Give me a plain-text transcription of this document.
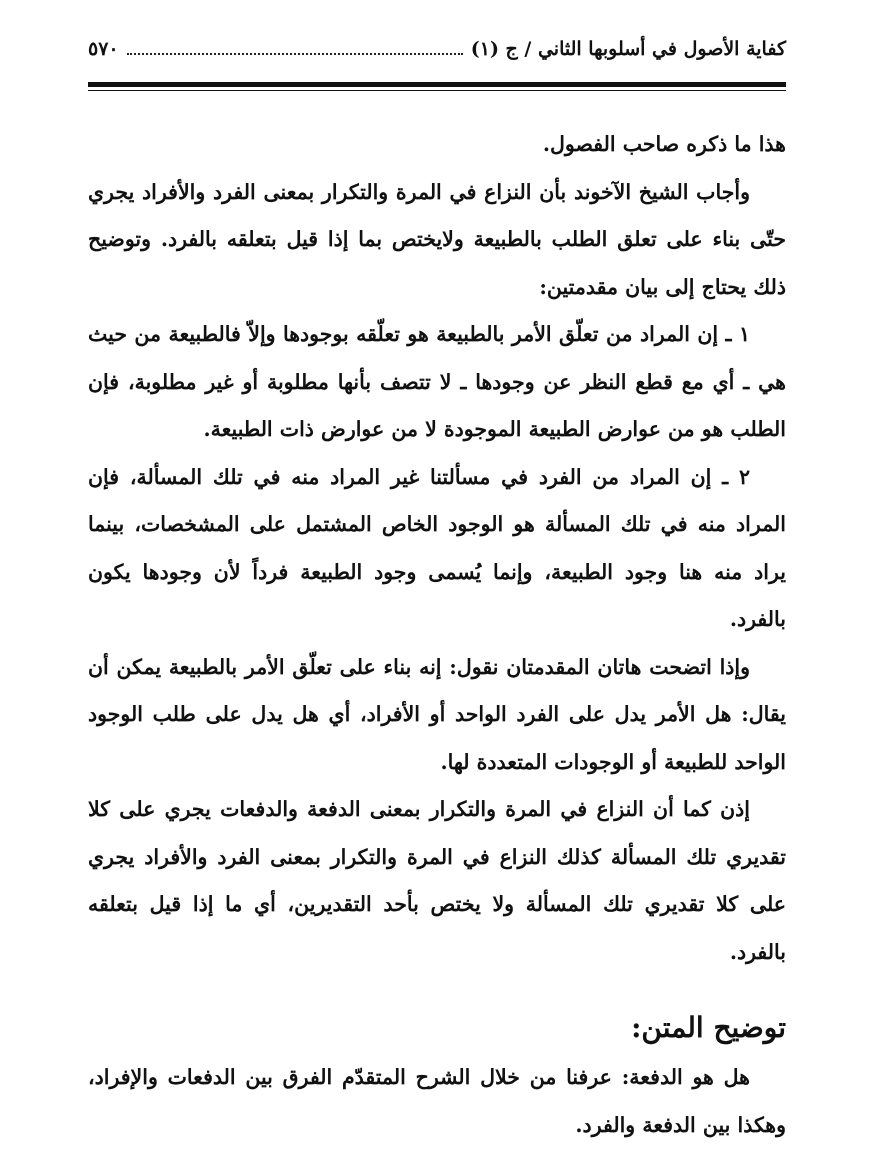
كفاية الأصول في أسلوبها الثاني / ج (١)
٥٧٠

هذا ما ذكره صاحب الفصول.

وأجاب الشيخ الآخوند بأن النزاع في المرة والتكرار بمعنى الفرد والأفراد يجري حتّى بناء على تعلق الطلب بالطبيعة ولايختص بما إذا قيل بتعلقه بالفرد. وتوضيح ذلك يحتاج إلى بيان مقدمتين:

١ ـ إن المراد من تعلّق الأمر بالطبيعة هو تعلّقه بوجودها وإلاّ فالطبيعة من حيث هي ـ أي مع قطع النظر عن وجودها ـ لا تتصف بأنها مطلوبة أو غير مطلوبة، فإن الطلب هو من عوارض الطبيعة الموجودة لا من عوارض ذات الطبيعة.

٢ ـ إن المراد من الفرد في مسألتنا غير المراد منه في تلك المسألة، فإن المراد منه في تلك المسألة هو الوجود الخاص المشتمل على المشخصات، بينما يراد منه هنا وجود الطبيعة، وإنما يُسمى وجود الطبيعة فرداً لأن وجودها يكون بالفرد.

وإذا اتضحت هاتان المقدمتان نقول: إنه بناء على تعلّق الأمر بالطبيعة يمكن أن يقال: هل الأمر يدل على الفرد الواحد أو الأفراد، أي هل يدل على طلب الوجود الواحد للطبيعة أو الوجودات المتعددة لها.

إذن كما أن النزاع في المرة والتكرار بمعنى الدفعة والدفعات يجري على كلا تقديري تلك المسألة كذلك النزاع في المرة والتكرار بمعنى الفرد والأفراد يجري على كلا تقديري تلك المسألة ولا يختص بأحد التقديرين، أي ما إذا قيل بتعلقه بالفرد.

توضيح المتن:

هل هو الدفعة: عرفنا من خلال الشرح المتقدّم الفرق بين الدفعات والإفراد، وهكذا بين الدفعة والفرد.
